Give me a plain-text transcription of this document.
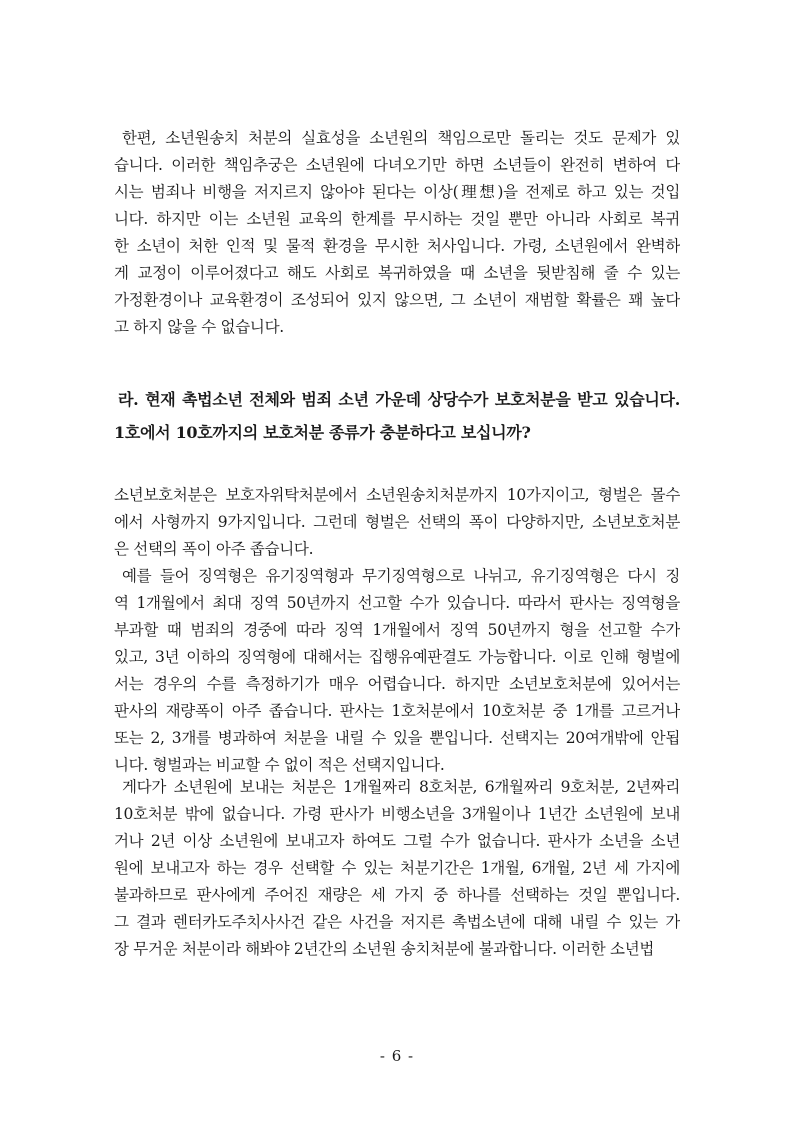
한편, 소년원송치 처분의 실효성을 소년원의 책임으로만 돌리는 것도 문제가 있
습니다. 이러한 책임추궁은 소년원에 다녀오기만 하면 소년들이 완전히 변하여 다
시는 범죄나 비행을 저지르지 않아야 된다는 이상(理想)을 전제로 하고 있는 것입
니다. 하지만 이는 소년원 교육의 한계를 무시하는 것일 뿐만 아니라 사회로 복귀
한 소년이 처한 인적 및 물적 환경을 무시한 처사입니다. 가령, 소년원에서 완벽하
게 교정이 이루어졌다고 해도 사회로 복귀하였을 때 소년을 뒷받침해 줄 수 있는
가정환경이나 교육환경이 조성되어 있지 않으면, 그 소년이 재범할 확률은 꽤 높다
고 하지 않을 수 없습니다.
라. 현재 촉법소년 전체와 범죄 소년 가운데 상당수가 보호처분을 받고 있습니다.
1호에서 10호까지의 보호처분 종류가 충분하다고 보십니까?
소년보호처분은 보호자위탁처분에서 소년원송치처분까지 10가지이고, 형벌은 몰수
에서 사형까지 9가지입니다. 그런데 형벌은 선택의 폭이 다양하지만, 소년보호처분
은 선택의 폭이 아주 좁습니다.
예를 들어 징역형은 유기징역형과 무기징역형으로 나뉘고, 유기징역형은 다시 징
역 1개월에서 최대 징역 50년까지 선고할 수가 있습니다. 따라서 판사는 징역형을
부과할 때 범죄의 경중에 따라 징역 1개월에서 징역 50년까지 형을 선고할 수가
있고, 3년 이하의 징역형에 대해서는 집행유예판결도 가능합니다. 이로 인해 형벌에
서는 경우의 수를 측정하기가 매우 어렵습니다. 하지만 소년보호처분에 있어서는
판사의 재량폭이 아주 좁습니다. 판사는 1호처분에서 10호처분 중 1개를 고르거나
또는 2, 3개를 병과하여 처분을 내릴 수 있을 뿐입니다. 선택지는 20여개밖에 안됩
니다. 형벌과는 비교할 수 없이 적은 선택지입니다.
게다가 소년원에 보내는 처분은 1개월짜리 8호처분, 6개월짜리 9호처분, 2년짜리
10호처분 밖에 없습니다. 가령 판사가 비행소년을 3개월이나 1년간 소년원에 보내
거나 2년 이상 소년원에 보내고자 하여도 그럴 수가 없습니다. 판사가 소년을 소년
원에 보내고자 하는 경우 선택할 수 있는 처분기간은 1개월, 6개월, 2년 세 가지에
불과하므로 판사에게 주어진 재량은 세 가지 중 하나를 선택하는 것일 뿐입니다.
그 결과 렌터카도주치사사건 같은 사건을 저지른 촉법소년에 대해 내릴 수 있는 가
장 무거운 처분이라 해봐야 2년간의 소년원 송치처분에 불과합니다. 이러한 소년법
- 6 -
